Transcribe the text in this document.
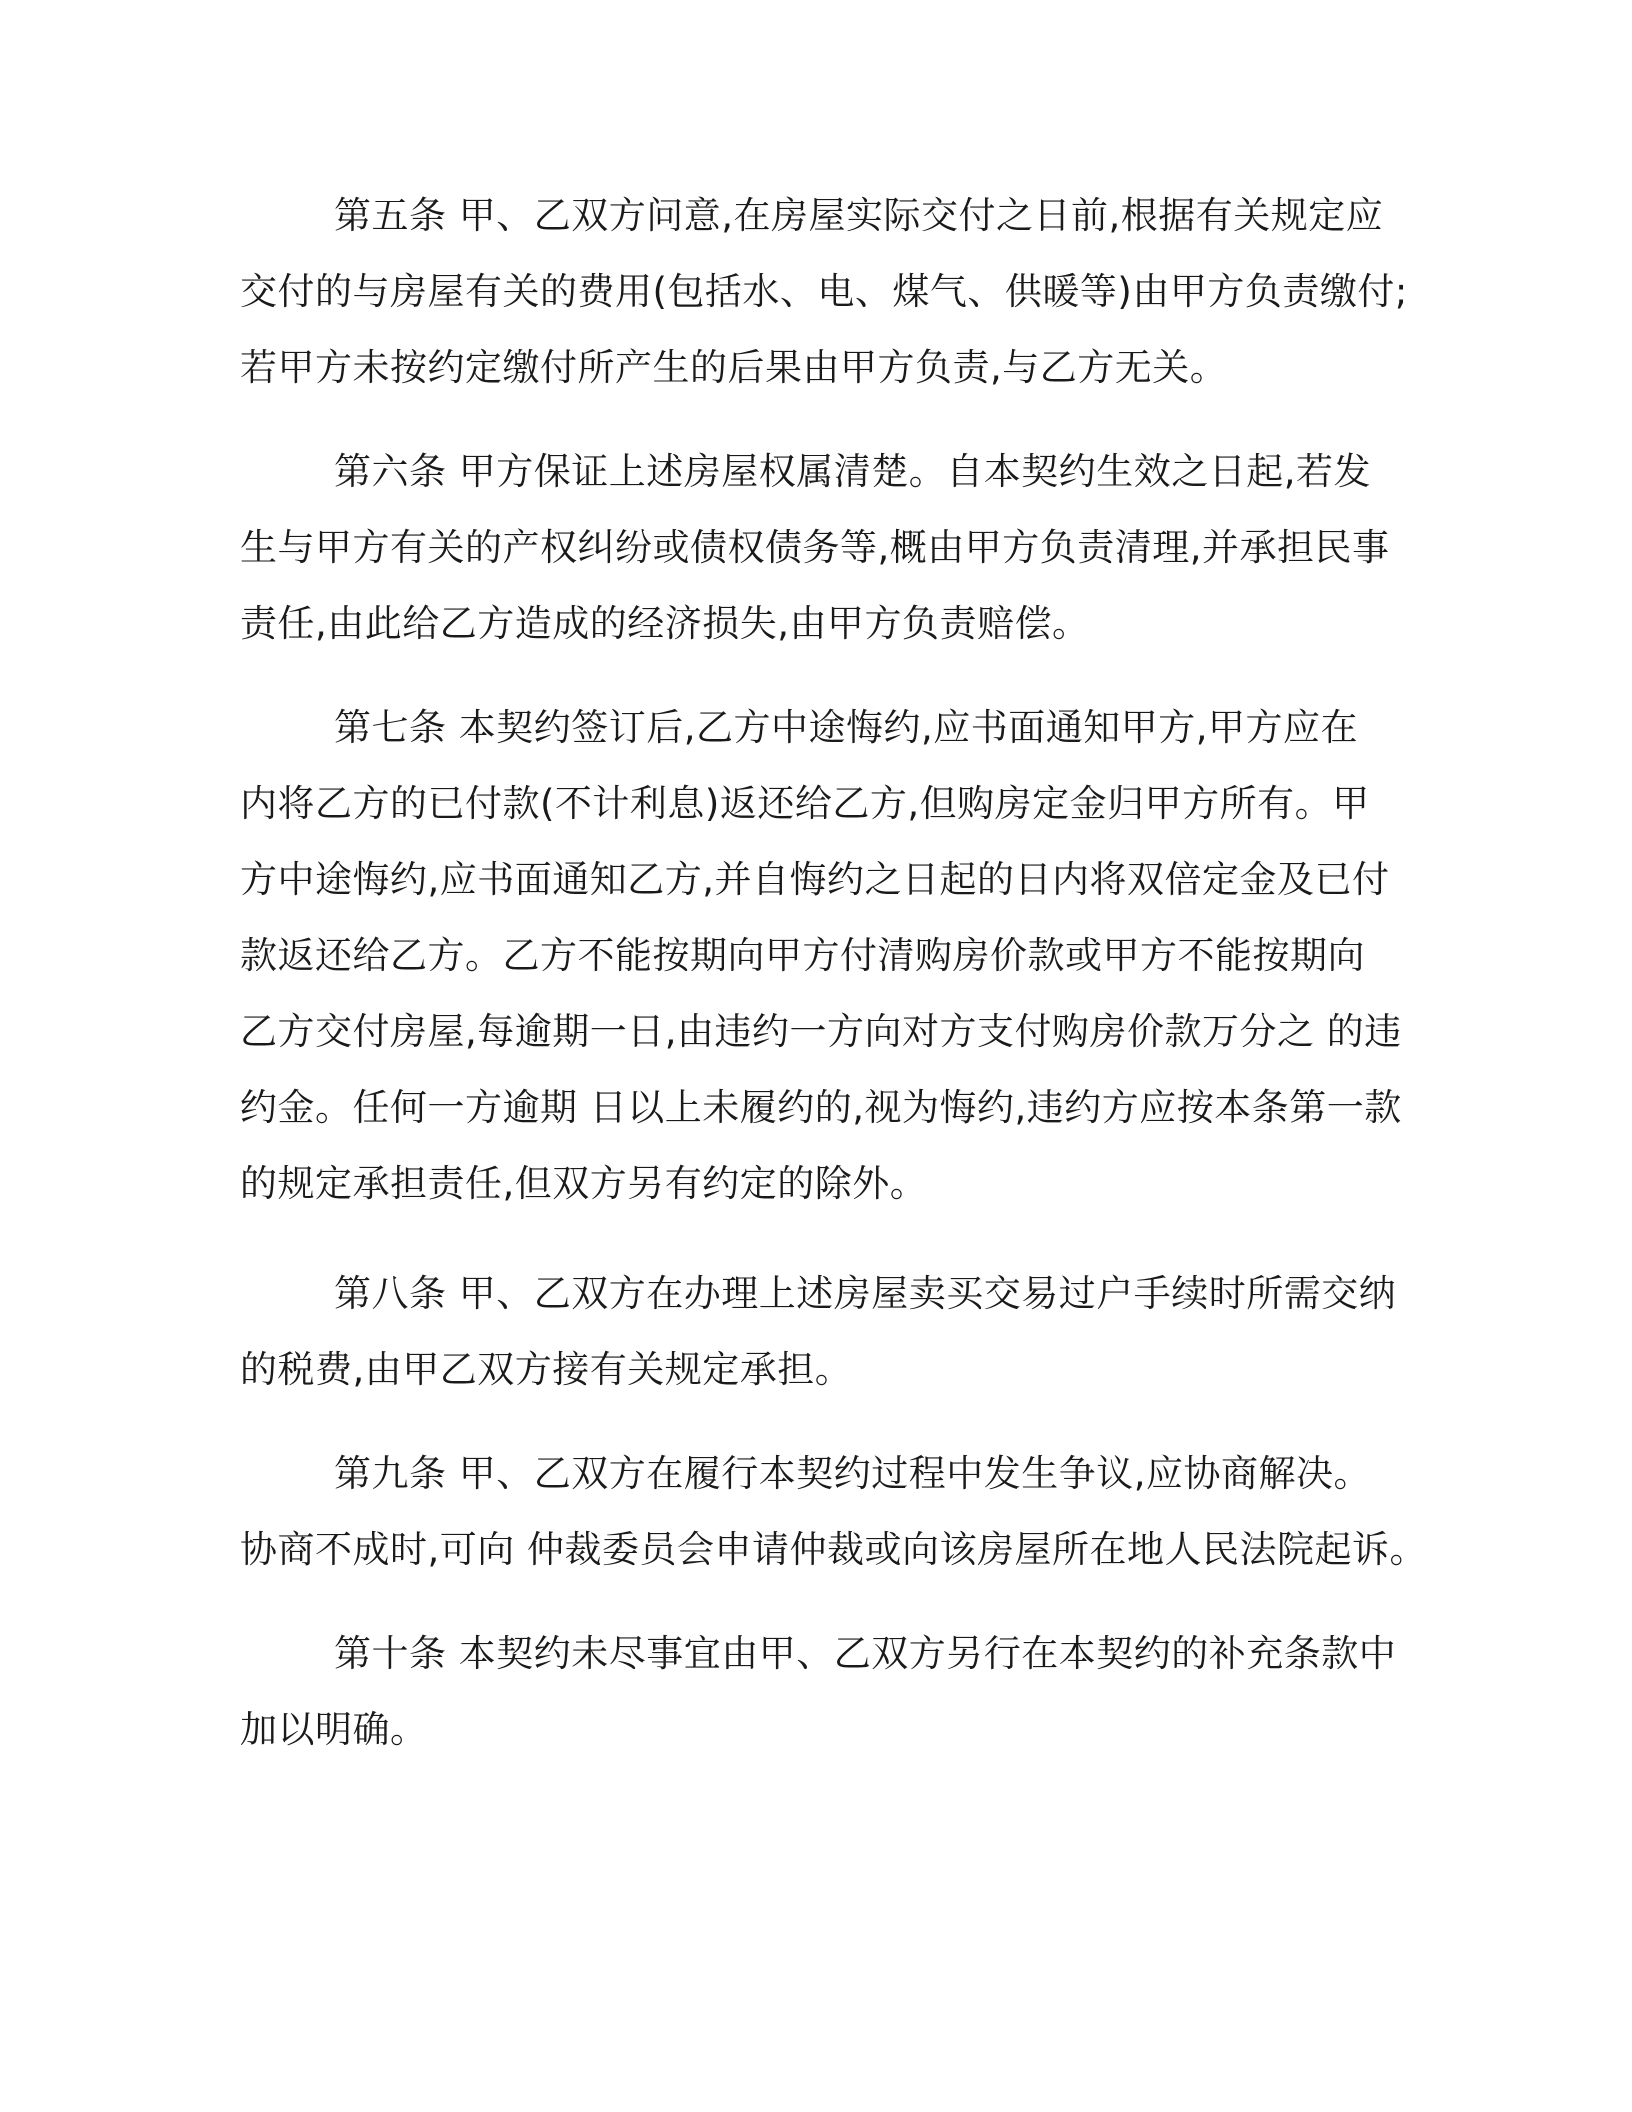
第五条 甲、乙双方问意,在房屋实际交付之日前,根据有关规定应
交付的与房屋有关的费用(包括水、电、煤气、供暖等)由甲方负责缴付;
若甲方未按约定缴付所产生的后果由甲方负责,与乙方无关。
第六条 甲方保证上述房屋权属清楚。自本契约生效之日起,若发
生与甲方有关的产权纠纷或债权债务等,概由甲方负责清理,并承担民事
责任,由此给乙方造成的经济损失,由甲方负责赔偿。
第七条 本契约签订后,乙方中途悔约,应书面通知甲方,甲方应在
内将乙方的已付款(不计利息)返还给乙方,但购房定金归甲方所有。甲
方中途悔约,应书面通知乙方,并自悔约之日起的日内将双倍定金及已付
款返还给乙方。乙方不能按期向甲方付清购房价款或甲方不能按期向
乙方交付房屋,每逾期一日,由违约一方向对方支付购房价款万分之 的违
约金。任何一方逾期 日以上未履约的,视为悔约,违约方应按本条第一款
的规定承担责任,但双方另有约定的除外。
第八条 甲、乙双方在办理上述房屋卖买交易过户手续时所需交纳
的税费,由甲乙双方接有关规定承担。
第九条 甲、乙双方在履行本契约过程中发生争议,应协商解决。
协商不成时,可向 仲裁委员会申请仲裁或向该房屋所在地人民法院起诉。
第十条 本契约未尽事宜由甲、乙双方另行在本契约的补充条款中
加以明确。
